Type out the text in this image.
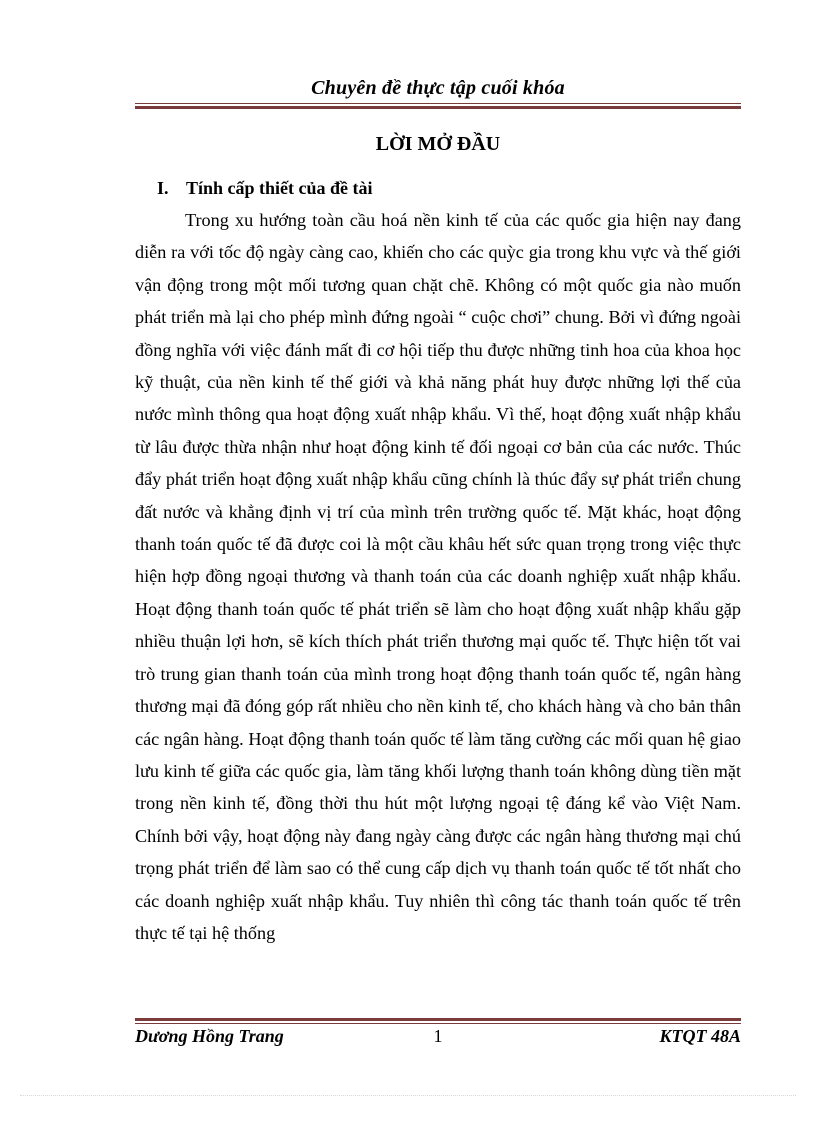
Chuyên đề thực tập cuối khóa
LỜI MỞ ĐẦU
I. Tính cấp thiết của đề tài

Trong xu hướng toàn cầu hoá nền kinh tế của các quốc gia hiện nay đang diễn ra với tốc độ ngày càng cao, khiến cho các quỳc gia trong khu vực và thế giới vận động trong một mối tương quan chặt chẽ. Không có một quốc gia nào muốn phát triển mà lại cho phép mình đứng ngoài “ cuộc chơi” chung. Bởi vì đứng ngoài đồng nghĩa với việc đánh mất đi cơ hội tiếp thu được những tinh hoa của khoa học kỹ thuật, của nền kinh tế thế giới và khả năng phát huy được những lợi thế của nước mình thông qua hoạt động xuất nhập khẩu. Vì thế, hoạt động xuất nhập khẩu từ lâu được thừa nhận như hoạt động kinh tế đối ngoại cơ bản của các nước. Thúc đẩy phát triển hoạt động xuất nhập khẩu cũng chính là thúc đẩy sự phát triển chung đất nước và khẳng định vị trí của mình trên trường quốc tế. Mặt khác, hoạt động thanh toán quốc tế đã được coi là một cầu khâu hết sức quan trọng trong việc thực hiện hợp đồng ngoại thương và thanh toán của các doanh nghiệp xuất nhập khẩu. Hoạt động thanh toán quốc tế phát triển sẽ làm cho hoạt động xuất nhập khẩu gặp nhiều thuận lợi hơn, sẽ kích thích phát triển thương mại quốc tế. Thực hiện tốt vai trò trung gian thanh toán của mình trong hoạt động thanh toán quốc tế, ngân hàng thương mại đã đóng góp rất nhiều cho nền kinh tế, cho khách hàng và cho bản thân các ngân hàng. Hoạt động thanh toán quốc tế làm tăng cường các mối quan hệ giao lưu kinh tế giữa các quốc gia, làm tăng khối lượng thanh toán không dùng tiền mặt trong nền kinh tế, đồng thời thu hút một lượng ngoại tệ đáng kể vào Việt Nam. Chính bởi vậy, hoạt động này đang ngày càng được các ngân hàng thương mại chú trọng phát triển để làm sao có thể cung cấp dịch vụ thanh toán quốc tế tốt nhất cho các doanh nghiệp xuất nhập khẩu. Tuy nhiên thì công tác thanh toán quốc tế trên thực tế tại hệ thống

Dương Hồng Trang	1	KTQT 48A
